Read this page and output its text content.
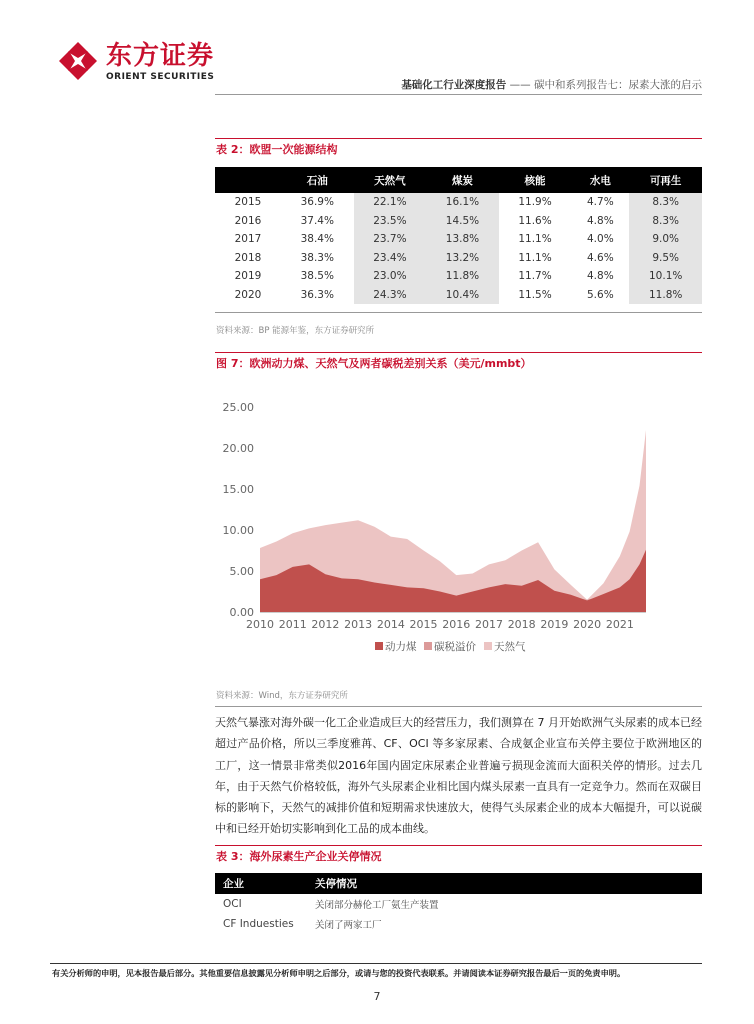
东方证券
ORIENT SECURITIES
基础化工行业深度报告 —— 碳中和系列报告七：尿素大涨的启示
表 2：欧盟一次能源结构
	石油	天然气	煤炭	核能	水电	可再生
2015	36.9%	22.1%	16.1%	11.9%	4.7%	8.3%
2016	37.4%	23.5%	14.5%	11.6%	4.8%	8.3%
2017	38.4%	23.7%	13.8%	11.1%	4.0%	9.0%
2018	38.3%	23.4%	13.2%	11.1%	4.6%	9.5%
2019	38.5%	23.0%	11.8%	11.7%	4.8%	10.1%
2020	36.3%	24.3%	10.4%	11.5%	5.6%	11.8%
资料来源：BP 能源年鉴，东方证券研究所
图 7：欧洲动力煤、天然气及两者碳税差别关系（美元/mmbt）
0.00
5.00
10.00
15.00
20.00
25.00
2010 2011 2012 2013 2014 2015 2016 2017 2018 2019 2020 2021
动力煤 碳税溢价 天然气
资料来源：Wind，东方证券研究所
天然气暴涨对海外碳一化工企业造成巨大的经营压力，我们测算在 7 月开始欧洲气头尿素的成本已经超过产品价格，所以三季度雅苒、CF、OCI 等多家尿素、合成氨企业宣布关停主要位于欧洲地区的工厂，这一情景非常类似2016年国内固定床尿素企业普遍亏损现金流而大面积关停的情形。过去几年，由于天然气价格较低，海外气头尿素企业相比国内煤头尿素一直具有一定竞争力。然而在双碳目标的影响下，天然气的减排价值和短期需求快速放大，使得气头尿素企业的成本大幅提升，可以说碳中和已经开始切实影响到化工品的成本曲线。
表 3：海外尿素生产企业关停情况
企业	关停情况
OCI	关闭部分赫伦工厂氨生产装置
CF Induesties	关闭了两家工厂
有关分析师的申明，见本报告最后部分。其他重要信息披露见分析师申明之后部分，或请与您的投资代表联系。并请阅读本证券研究报告最后一页的免责申明。
7
